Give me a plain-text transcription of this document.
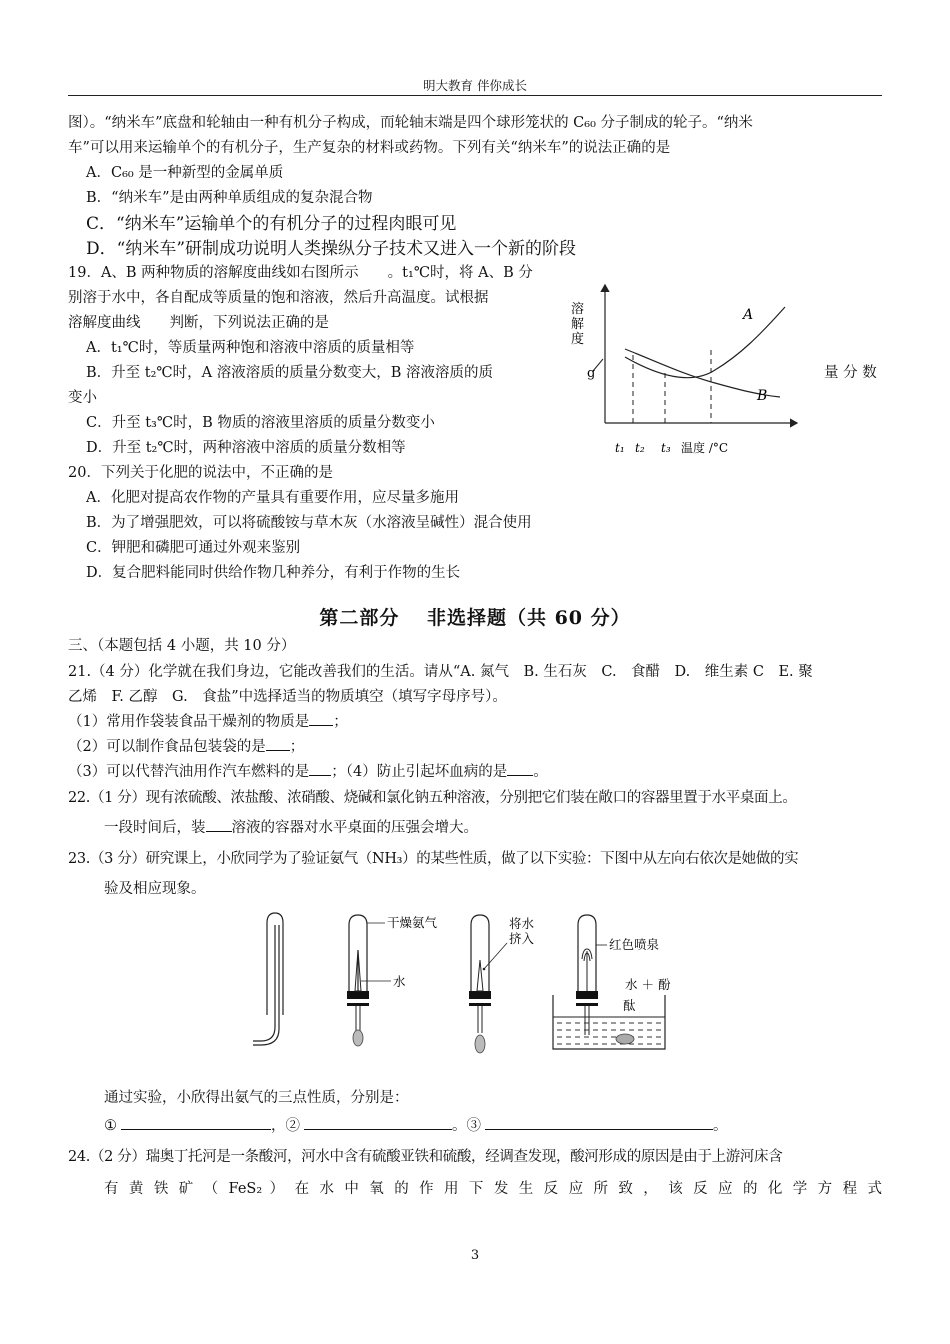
明大教育 伴你成长
图）。“纳米车”底盘和轮轴由一种有机分子构成，而轮轴末端是四个球形笼状的 C₆₀ 分子制成的轮子。“纳米
车”可以用来运输单个的有机分子，生产复杂的材料或药物。下列有关“纳米车”的说法正确的是
A．C₆₀ 是一种新型的金属单质
B．“纳米车”是由两种单质组成的复杂混合物
C．“纳米车”运输单个的有机分子的过程肉眼可见
D．“纳米车”研制成功说明人类操纵分子技术又进入一个新的阶段
19．A、B 两种物质的溶解度曲线如右图所示　　。t₁℃时，将 A、B 分
别溶于水中，各自配成等质量的饱和溶液，然后升高温度。试根据
溶解度曲线　　判断，下列说法正确的是
A．t₁℃时，等质量两种饱和溶液中溶质的质量相等
B．升至 t₂℃时，A 溶液溶质的质量分数变大，B 溶液溶质的质	量 分 数
变小
C．升至 t₃℃时，B 物质的溶液里溶质的质量分数变小
D．升至 t₂℃时，两种溶液中溶质的质量分数相等
溶
解
度
g
A
B
t₁ t₂ t₃ 温度 /°C
20．下列关于化肥的说法中，不正确的是
A．化肥对提高农作物的产量具有重要作用，应尽量多施用
B．为了增强肥效，可以将硫酸铵与草木灰（水溶液呈碱性）混合使用
C．钾肥和磷肥可通过外观来鉴别
D．复合肥料能同时供给作物几种养分，有利于作物的生长
第二部分　 非选择题（共 60 分）
三、（本题包括 4 小题，共 10 分）
21.（4 分）化学就在我们身边，它能改善我们的生活。请从“A. 氮气　B. 生石灰　C.　食醋　D.　维生素 C　E. 聚
乙烯　F. 乙醇　G.　食盐”中选择适当的物质填空（填写字母序号）。
（1）常用作袋装食品干燥剂的物质是 ；
（2）可以制作食品包装袋的是 ；
（3）可以代替汽油用作汽车燃料的是 ；（4）防止引起坏血病的是 。
22.（1 分）现有浓硫酸、浓盐酸、浓硝酸、烧碱和氯化钠五种溶液，分别把它们装在敞口的容器里置于水平桌面上。
一段时间后，装 溶液的容器对水平桌面的压强会增大。
23.（3 分）研究课上，小欣同学为了验证氨气（NH₃）的某些性质，做了以下实验：下图中从左向右依次是她做的实
验及相应现象。
干燥氨气
水
将水
挤入	红色喷泉
水 ＋ 酚
酞
通过实验，小欣得出氨气的三点性质，分别是：
①	，②	。③	。
24.（2 分）瑞奥丁托河是一条酸河，河水中含有硫酸亚铁和硫酸，经调查发现，酸河形成的原因是由于上游河床含
有 黄 铁 矿 （ FeS₂ ） 在 水 中 氧 的 作 用 下 发 生 反 应 所 致 ， 该 反 应 的 化 学 方 程 式
3
